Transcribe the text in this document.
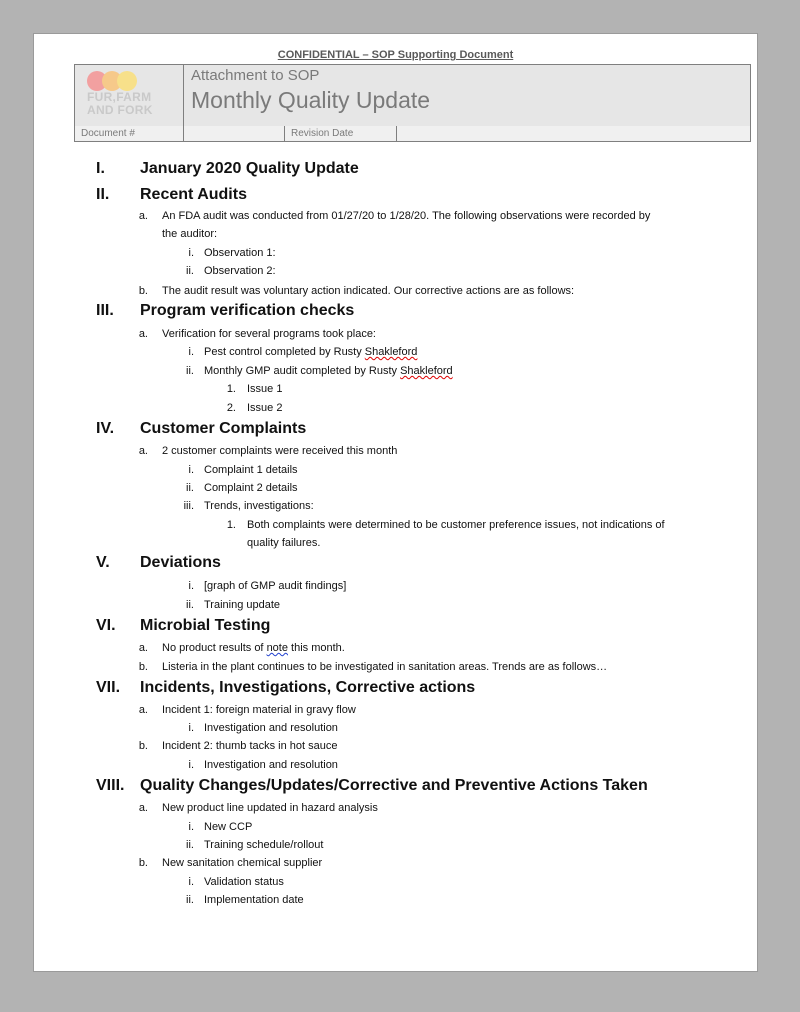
CONFIDENTIAL – SOP Supporting Document
FUR,FARM
AND FORK
Attachment to SOP
Monthly Quality Update
Document #	Revision Date
I. January 2020 Quality Update
II. Recent Audits
a. An FDA audit was conducted from 01/27/20 to 1/28/20. The following observations were recorded by
the auditor:
i. Observation 1:
ii. Observation 2:
b. The audit result was voluntary action indicated. Our corrective actions are as follows:
III. Program verification checks
a. Verification for several programs took place:
i. Pest control completed by Rusty Shakleford
ii. Monthly GMP audit completed by Rusty Shakleford
1. Issue 1
2. Issue 2
IV. Customer Complaints
a. 2 customer complaints were received this month
i. Complaint 1 details
ii. Complaint 2 details
iii. Trends, investigations:
1. Both complaints were determined to be customer preference issues, not indications of
quality failures.
V. Deviations
i. [graph of GMP audit findings]
ii. Training update
VI. Microbial Testing
a. No product results of note this month.
b. Listeria in the plant continues to be investigated in sanitation areas. Trends are as follows…
VII. Incidents, Investigations, Corrective actions
a. Incident 1: foreign material in gravy flow
i. Investigation and resolution
b. Incident 2: thumb tacks in hot sauce
i. Investigation and resolution
VIII. Quality Changes/Updates/Corrective and Preventive Actions Taken
a. New product line updated in hazard analysis
i. New CCP
ii. Training schedule/rollout
b. New sanitation chemical supplier
i. Validation status
ii. Implementation date
